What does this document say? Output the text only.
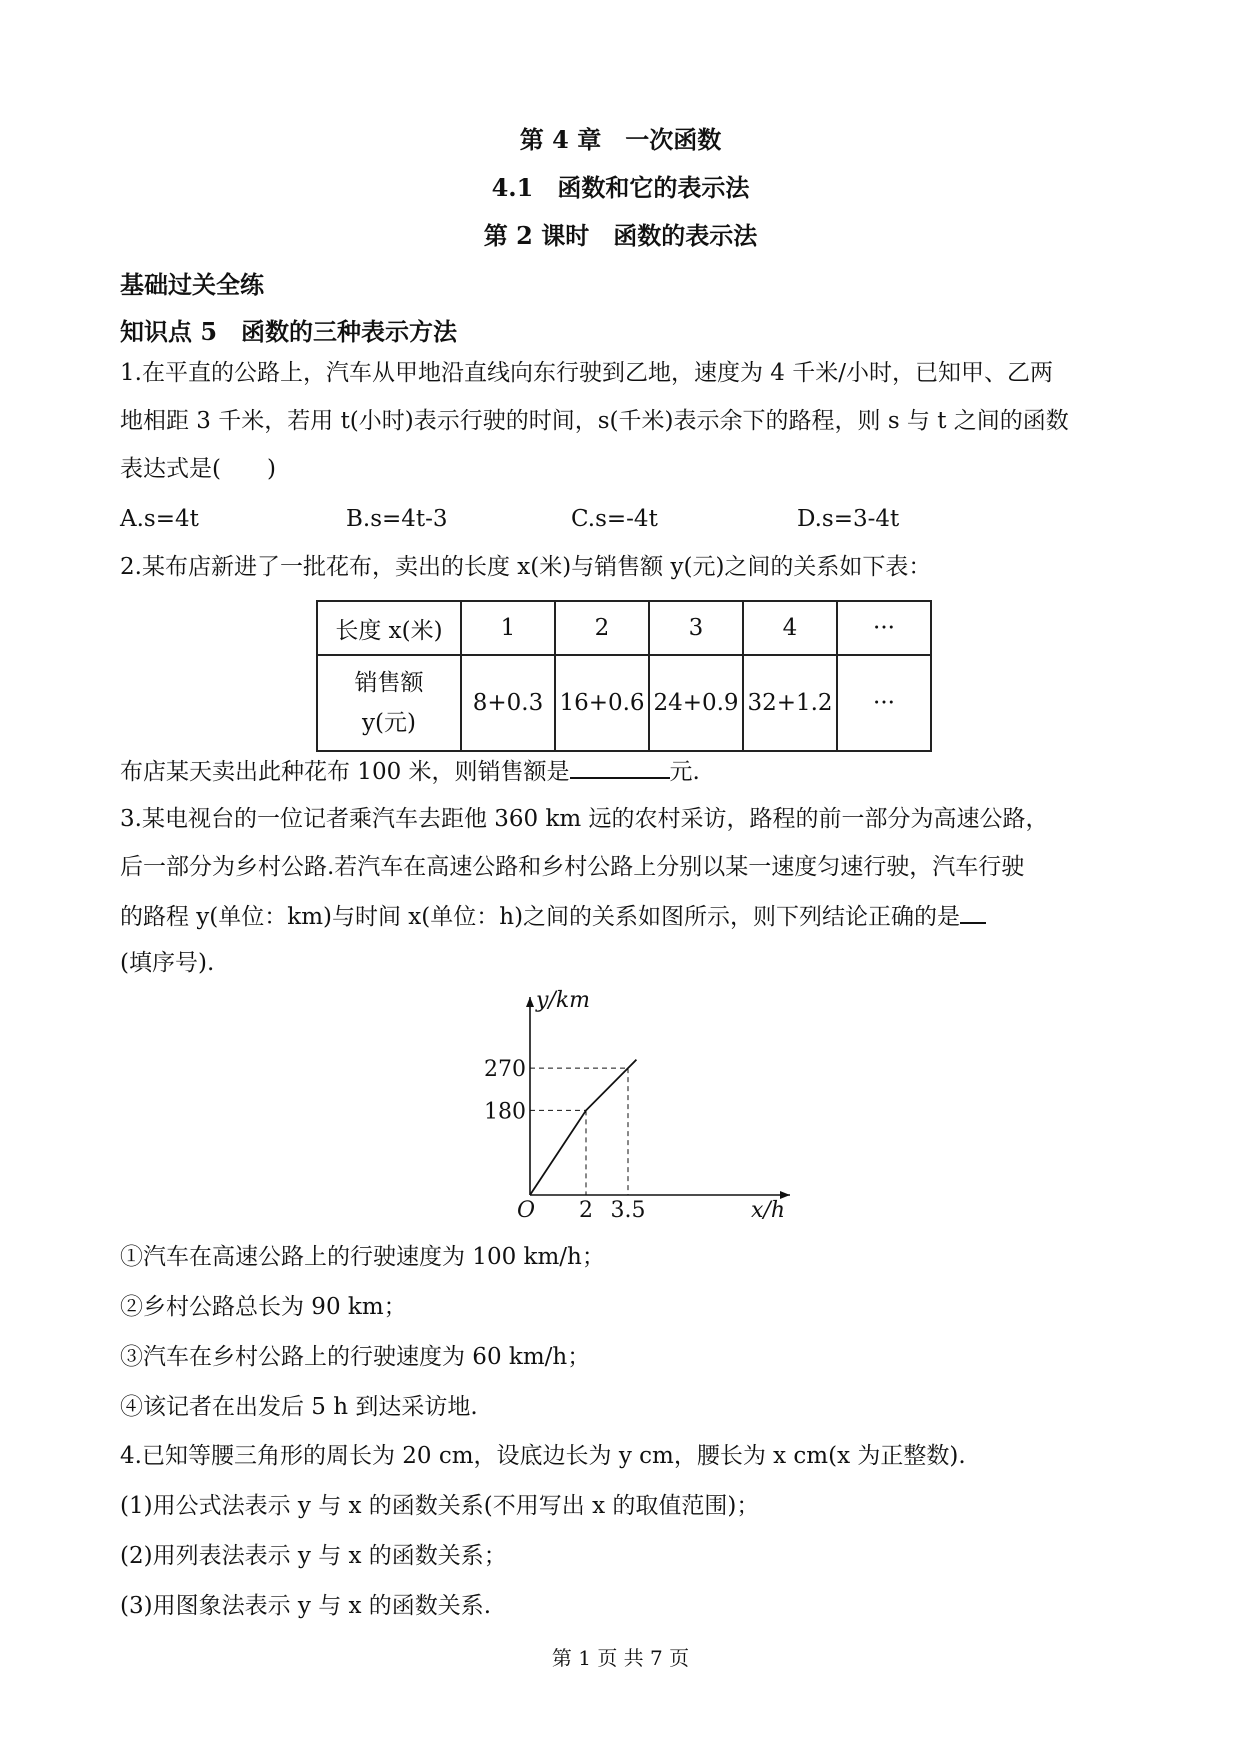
第 4 章　一次函数
4.1　函数和它的表示法
第 2 课时　函数的表示法
基础过关全练
知识点 5　函数的三种表示方法
1.在平直的公路上，汽车从甲地沿直线向东行驶到乙地，速度为 4 千米/小时，已知甲、乙两
地相距 3 千米，若用 t(小时)表示行驶的时间，s(千米)表示余下的路程，则 s 与 t 之间的函数
表达式是(　　)
A.s=4t	B.s=4t-3	C.s=-4t	D.s=3-4t
2.某布店新进了一批花布，卖出的长度 x(米)与销售额 y(元)之间的关系如下表：
长度 x(米)	1	2	3	4	···

销售额
y(元)	8+0.3	16+0.6	24+0.9	32+1.2	···
布店某天卖出此种花布 100 米，则销售额是	元.
3.某电视台的一位记者乘汽车去距他 360 km 远的农村采访，路程的前一部分为高速公路，
后一部分为乡村公路.若汽车在高速公路和乡村公路上分别以某一速度匀速行驶，汽车行驶
的路程 y(单位：km)与时间 x(单位：h)之间的关系如图所示，则下列结论正确的是
(填序号).
y/km
x/h
O 2 3.5
180
270
①汽车在高速公路上的行驶速度为 100 km/h；
②乡村公路总长为 90 km；
③汽车在乡村公路上的行驶速度为 60 km/h；
④该记者在出发后 5 h 到达采访地.
4.已知等腰三角形的周长为 20 cm，设底边长为 y cm，腰长为 x cm(x 为正整数).
(1)用公式法表示 y 与 x 的函数关系(不用写出 x 的取值范围)；
(2)用列表法表示 y 与 x 的函数关系；
(3)用图象法表示 y 与 x 的函数关系.
第 1 页 共 7 页
